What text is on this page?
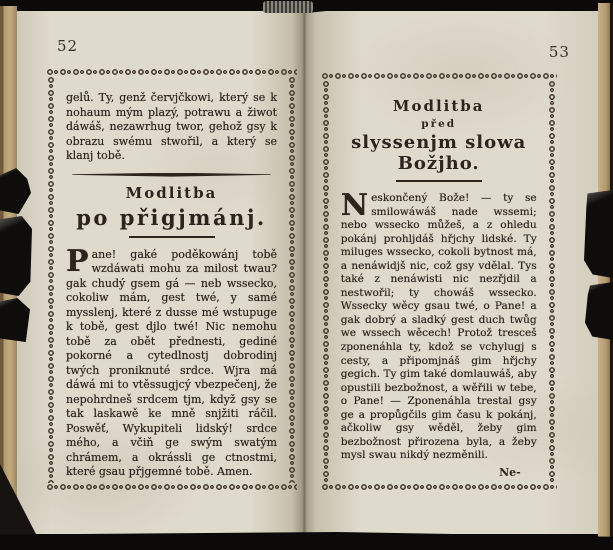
52

gelů. Ty, genž červjčkowi, který se k nohaum mým plazý, potrawu a žiwot dáwáš, nezawrhug twor, gehož gsy k obrazu swému stwořil, a který se klanj tobě.

Modlitba
po přigjmánj.

Pane! gaké poděkowánj tobě wzdáwati mohu za milost twau? gak chudý gsem gá — neb wssecko, cokoliw mám, gest twé, y samé mysslenj, které z dusse mé wstupuge k tobě, gest djlo twé! Nic nemohu tobě za obět přednesti, gediné pokorné a cytedlnostj dobrodinj twých proniknuté srdce. Wjra má dáwá mi to vtěssugjcý vbezpečenj, že nepohrdneš srdcem tjm, když gsy se tak laskawě ke mně snjžiti ráčil. Poswěť, Wykupiteli lidský! srdce mého, a včiň ge swým swatým chrámem, a okrássli ge ctnostmi, které gsau přjgemné tobě. Amen.

53
Modlitba
před
slyssenjm slowa Božjho.

Neskončený Bože! — ty se smilowáwáš nade wssemi; nebo wssecko můžeš, a z ohledu pokánj prohljdáš hřjchy lidské. Ty miluges wssecko, cokoli bytnost má, a nenáwidjš nic, což gsy vdělal. Tys také z nenáwisti nic nezřjdil a nestwořil; ty chowáš wssecko. Wssecky wěcy gsau twé, o Pane! a gak dobrý a sladký gest duch twůg we wssech wěcech! Protož tresceš zponenáhla ty, kdož se vchylugj s cesty, a připomjnáš gim hřjchy gegich. Ty gim také domlauwáš, aby opustili bezbožnost, a wěřili w tebe, o Pane! — Zponenáhla trestal gsy ge a propůgčils gim času k pokánj, ačkoliw gsy wěděl, žeby gim bezbožnost přirozena byla, a žeby mysl swau nikdý nezměnili.

Ne-
